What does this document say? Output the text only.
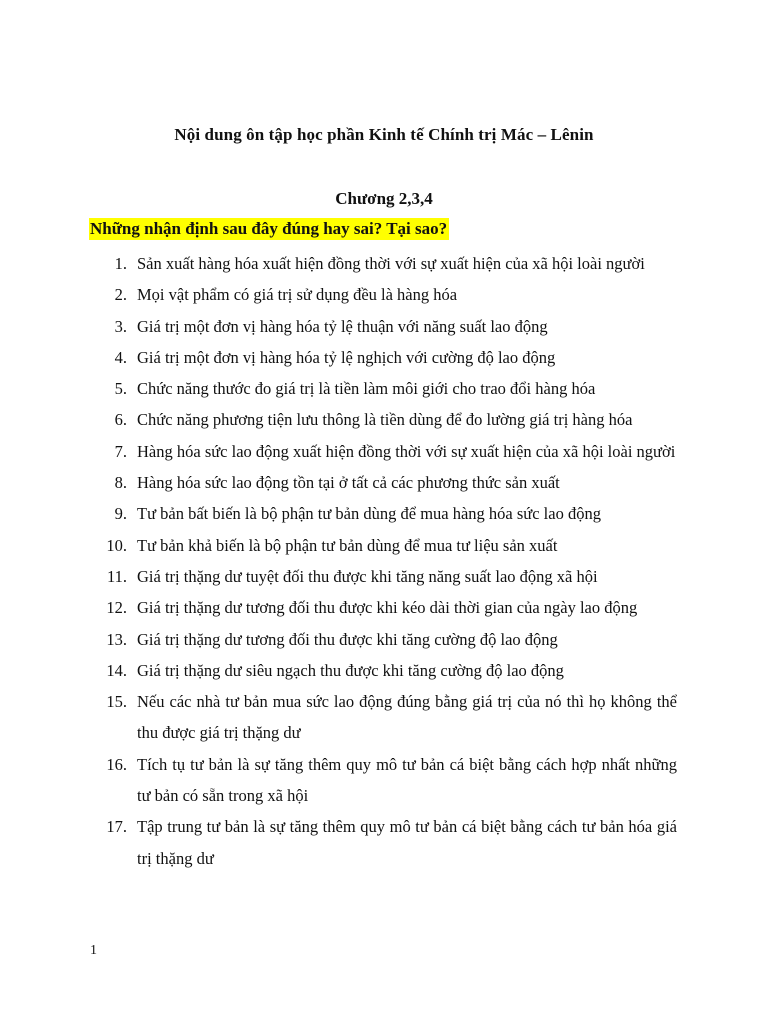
Nội dung ôn tập học phần Kinh tế Chính trị Mác – Lênin
Chương 2,3,4
Những nhận định sau đây đúng hay sai? Tại sao?
1. Sản xuất hàng hóa xuất hiện đồng thời với sự xuất hiện của xã hội loài người
2. Mọi vật phẩm có giá trị sử dụng đều là hàng hóa
3. Giá trị một đơn vị hàng hóa tỷ lệ thuận với năng suất lao động
4. Giá trị một đơn vị hàng hóa tỷ lệ nghịch với cường độ lao động
5. Chức năng thước đo giá trị là tiền làm môi giới cho trao đổi hàng hóa
6. Chức năng phương tiện lưu thông là tiền dùng để đo lường giá trị hàng hóa
7. Hàng hóa sức lao động xuất hiện đồng thời với sự xuất hiện của xã hội loài người
8. Hàng hóa sức lao động tồn tại ở tất cả các phương thức sản xuất
9. Tư bản bất biến là bộ phận tư bản dùng để mua hàng hóa sức lao động
10. Tư bản khả biến là bộ phận tư bản dùng để mua tư liệu sản xuất
11. Giá trị thặng dư tuyệt đối thu được khi tăng năng suất lao động xã hội
12. Giá trị thặng dư tương đối thu được khi kéo dài thời gian của ngày lao động
13. Giá trị thặng dư tương đối thu được khi tăng cường độ lao động
14. Giá trị thặng dư siêu ngạch thu được khi tăng cường độ lao động
15. Nếu các nhà tư bản mua sức lao động đúng bằng giá trị của nó thì họ không thể thu được giá trị thặng dư
16. Tích tụ tư bản là sự tăng thêm quy mô tư bản cá biệt bằng cách hợp nhất những tư bản có sẵn trong xã hội
17. Tập trung tư bản là sự tăng thêm quy mô tư bản cá biệt bằng cách tư bản hóa giá trị thặng dư
1
